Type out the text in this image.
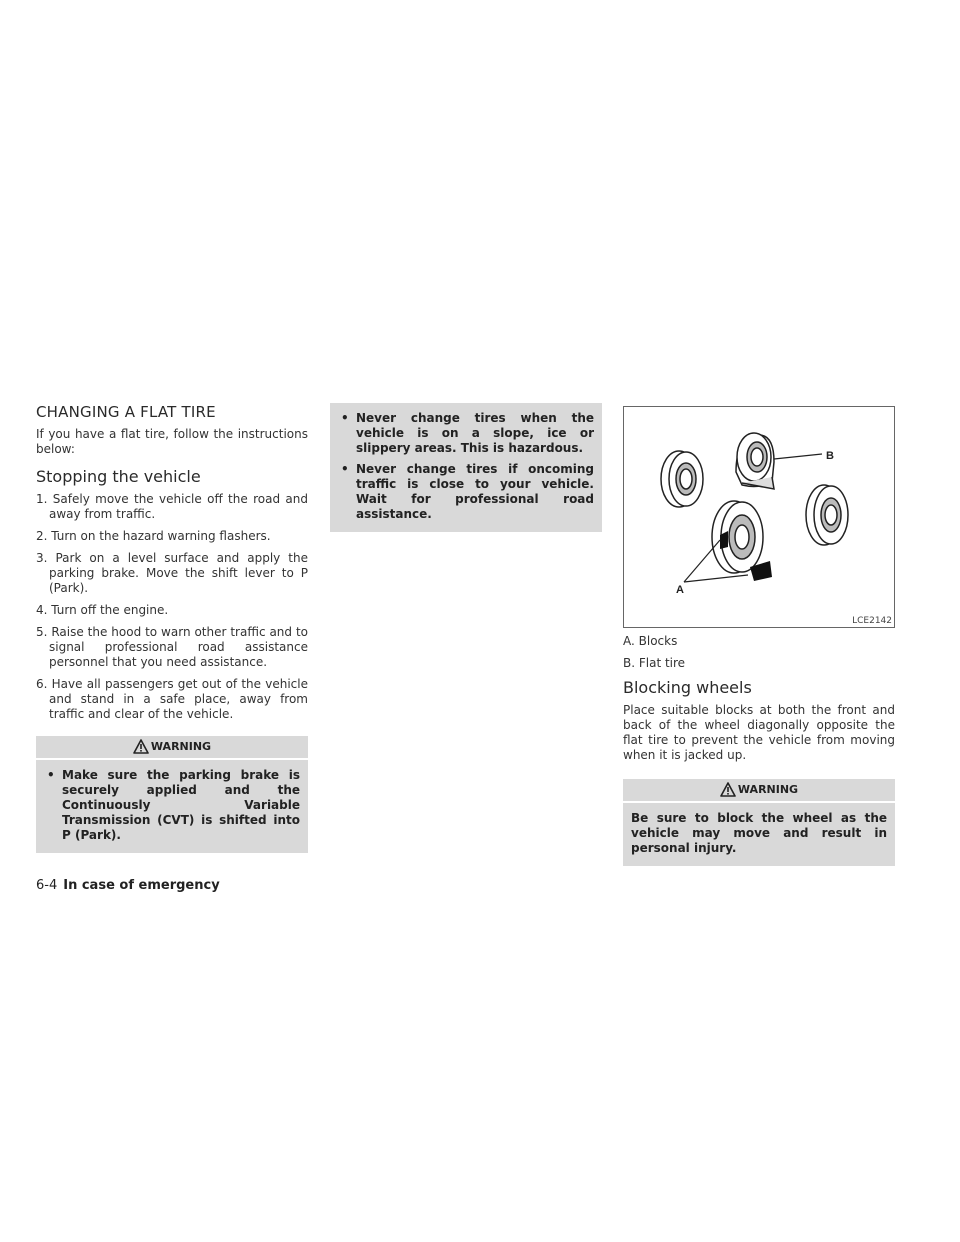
CHANGING A FLAT TIRE

If you have a flat tire, follow the instructions below:

Stopping the vehicle
1. Safely move the vehicle off the road and away from traffic.
2. Turn on the hazard warning flashers.
3. Park on a level surface and apply the parking brake. Move the shift lever to P (Park).
4. Turn off the engine.
5. Raise the hood to warn other traffic and to signal professional road assistance personnel that you need assistance.
6. Have all passengers get out of the vehicle and stand in a safe place, away from traffic and clear of the vehicle.
WARNING
• Make sure the parking brake is securely applied and the Continuously Variable Transmission (CVT) is shifted into P (Park).
• Never change tires when the vehicle is on a slope, ice or slippery areas. This is hazardous.
• Never change tires if oncoming traffic is close to your vehicle. Wait for professional road assistance.
B
A
LCE2142
A. Blocks
B. Flat tire
Blocking wheels

Place suitable blocks at both the front and back of the wheel diagonally opposite the flat tire to prevent the vehicle from moving when it is jacked up.

WARNING

Be sure to block the wheel as the vehicle may move and result in personal injury.

6-4 In case of emergency
